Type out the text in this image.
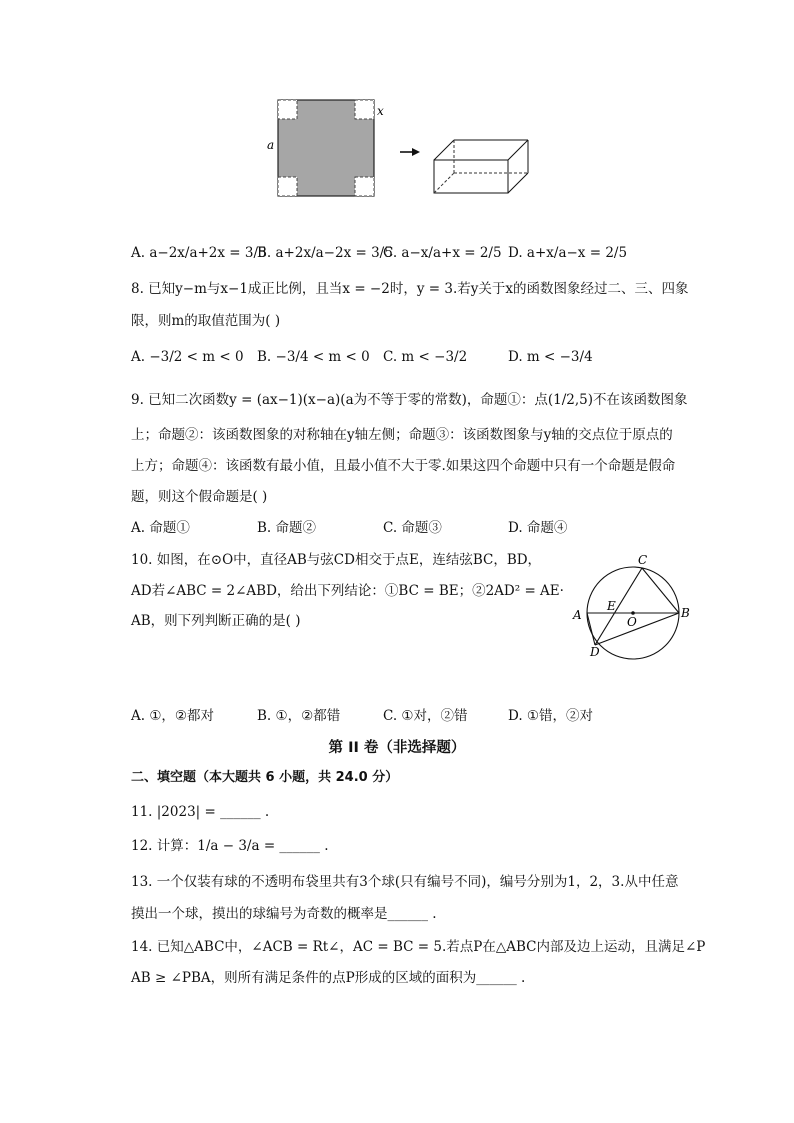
a
x
A. a−2x/a+2x = 3/5
B. a+2x/a−2x = 3/5
C. a−x/a+x = 2/5 D. a+x/a−x = 2/5
8. 已知y−m与x−1成正比例，且当x = −2时，y = 3.若y关于x的函数图象经过二、三、四象
限，则m的取值范围为( )
A. −3/2 < m < 0 B. −3/4 < m < 0 C. m < −3/2	D. m < −3/4
9. 已知二次函数y = (ax−1)(x−a)(a为不等于零的常数)，命题①：点(1/2,5)不在该函数图象
上；命题②：该函数图象的对称轴在y轴左侧；命题③：该函数图象与y轴的交点位于原点的
上方；命题④：该函数有最小值，且最小值不大于零.如果这四个命题中只有一个命题是假命
题，则这个假命题是( )
A. 命题①	B. 命题②	C. 命题③	D. 命题④
10. 如图，在⊙O中，直径AB与弦CD相交于点E，连结弦BC，BD，
AD若∠ABC = 2∠ABD，给出下列结论：①BC = BE；②2AD² = AE·
AB，则下列判断正确的是( )
C
A	B
E
O
D
A. ①，②都对	B. ①，②都错	C. ①对，②错	D. ①错，②对
第 II 卷（非选择题）
二、填空题（本大题共 6 小题，共 24.0 分）
11. |2023| = ______ .
12. 计算：1/a − 3/a = ______ .
13. 一个仅装有球的不透明布袋里共有3个球(只有编号不同)，编号分别为1，2，3.从中任意
摸出一个球，摸出的球编号为奇数的概率是______ .
14. 已知△ABC中，∠ACB = Rt∠，AC = BC = 5.若点P在△ABC内部及边上运动，且满足∠P
AB ≥ ∠PBA，则所有满足条件的点P形成的区域的面积为______ .
